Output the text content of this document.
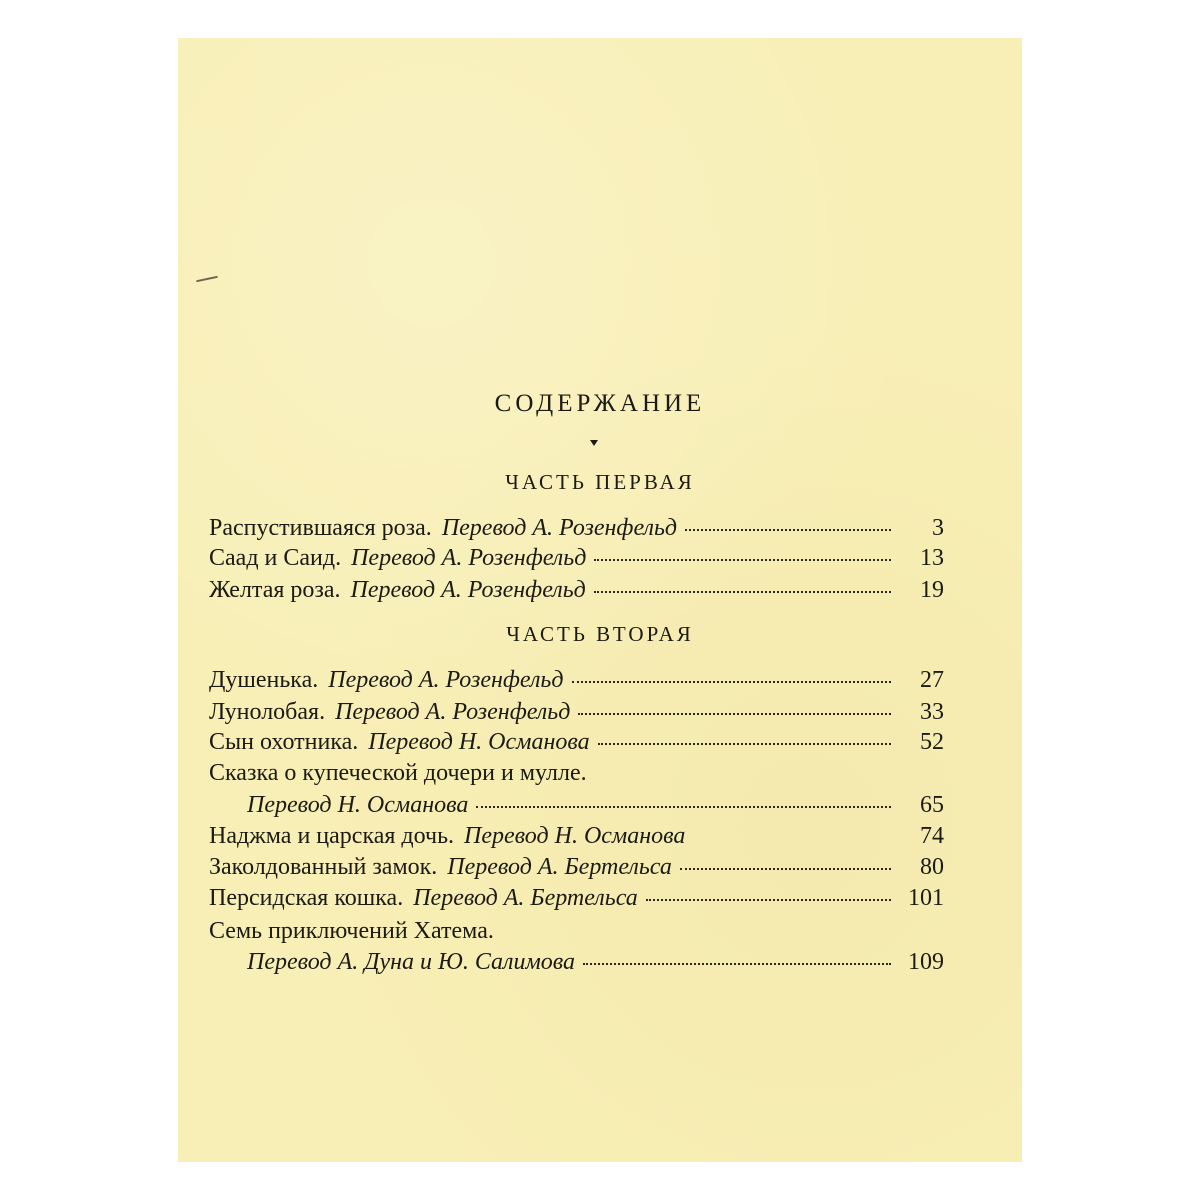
СОДЕРЖАНИЕ
ЧАСТЬ ПЕРВАЯ
Распустившаяся роза. Перевод А. Розенфельд	3
Саад и Саид. Перевод А. Розенфельд	13
Желтая роза. Перевод А. Розенфельд	19
ЧАСТЬ ВТОРАЯ
Душенька. Перевод А. Розенфельд	27
Лунолобая. Перевод А. Розенфельд	33
Сын охотника. Перевод Н. Османова	52
Сказка о купеческой дочери и мулле.
Перевод Н. Османова	65
Наджма и царская дочь. Перевод Н. Османова	74
Заколдованный замок. Перевод А. Бертельса	80
Персидская кошка. Перевод А. Бертельса	101
Семь приключений Хатема.
Перевод А. Дуна и Ю. Салимова	109
